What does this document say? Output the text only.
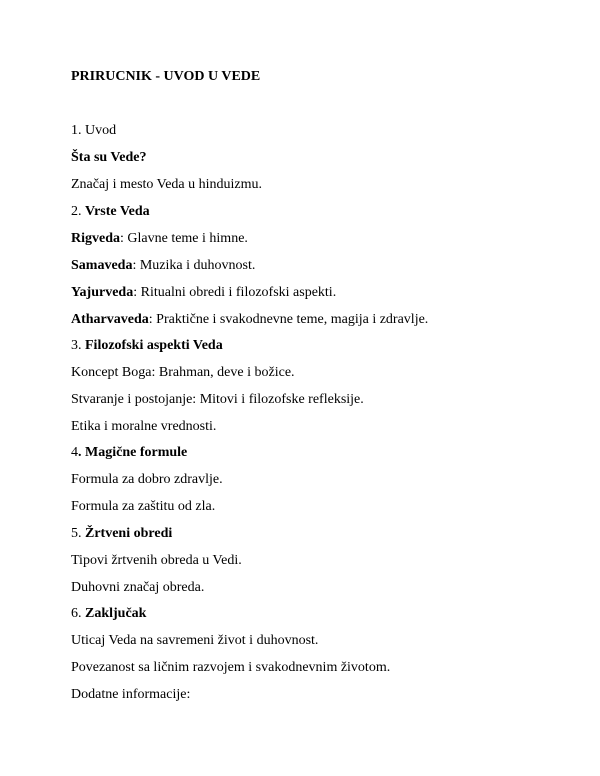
PRIRUCNIK - UVOD U VEDE
1. Uvod
Šta su Vede?
Značaj i mesto Veda u hinduizmu.
2. Vrste Veda
Rigveda: Glavne teme i himne.
Samaveda: Muzika i duhovnost.
Yajurveda: Ritualni obredi i filozofski aspekti.
Atharvaveda: Praktične i svakodnevne teme, magija i zdravlje.
3. Filozofski aspekti Veda
Koncept Boga: Brahman, deve i božice.
Stvaranje i postojanje: Mitovi i filozofske refleksije.
Etika i moralne vrednosti.
4. Magične formule
Formula za dobro zdravlje.
Formula za zaštitu od zla.
5. Žrtveni obredi
Tipovi žrtvenih obreda u Vedi.
Duhovni značaj obreda.
6. Zaključak
Uticaj Veda na savremeni život i duhovnost.
Povezanost sa ličnim razvojem i svakodnevnim životom.
Dodatne informacije:
